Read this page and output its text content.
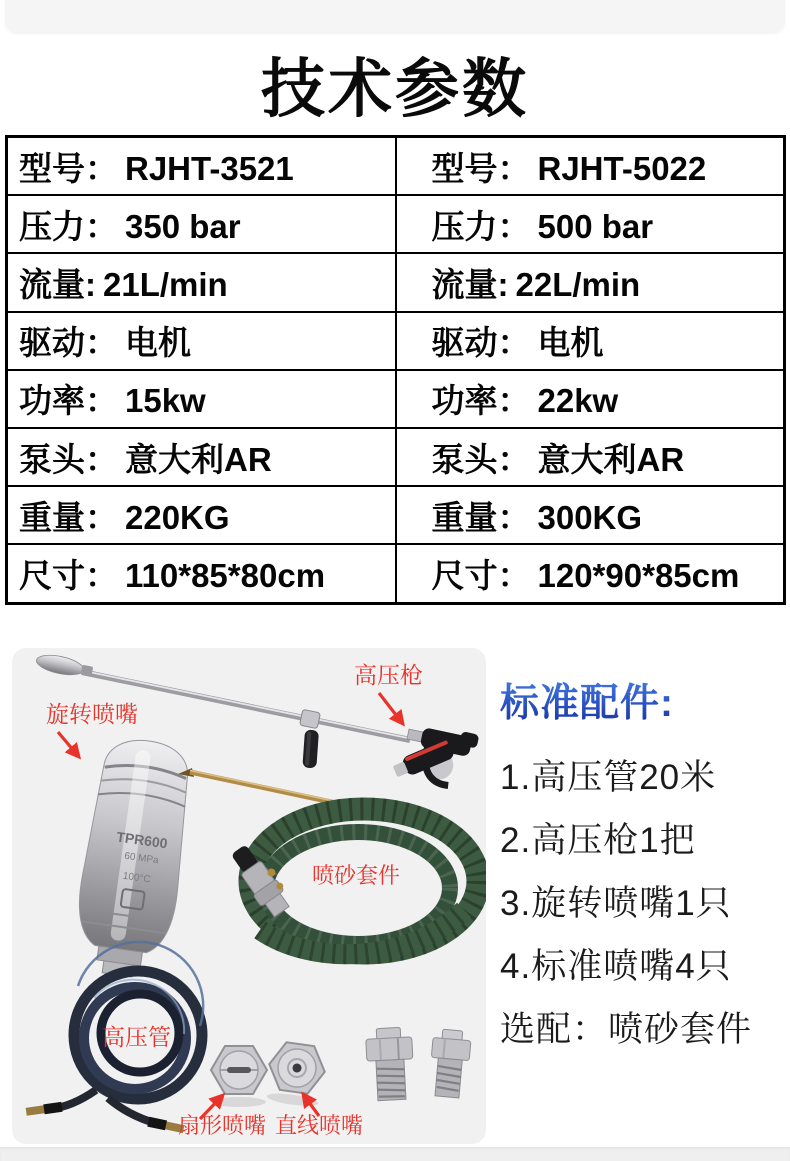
技术参数
型号： RJHT-3521	型号： RJHT-5022
压力： 350 bar	压力： 500 bar
流量: 21L/min	流量: 22L/min
驱动： 电机	驱动： 电机
功率： 15kw	功率： 22kw
泵头： 意大利AR	泵头： 意大利AR
重量： 220KG	重量： 300KG
尺寸： 110*85*80cm	尺寸： 120*90*85cm
TPR600
60 MPa
100°C
旋转喷嘴
高压枪
喷砂套件
高压管
扇形喷嘴 直线喷嘴
标准配件:
1.高压管20米
2.高压枪1把
3.旋转喷嘴1只
4.标准喷嘴4只
选配：喷砂套件
